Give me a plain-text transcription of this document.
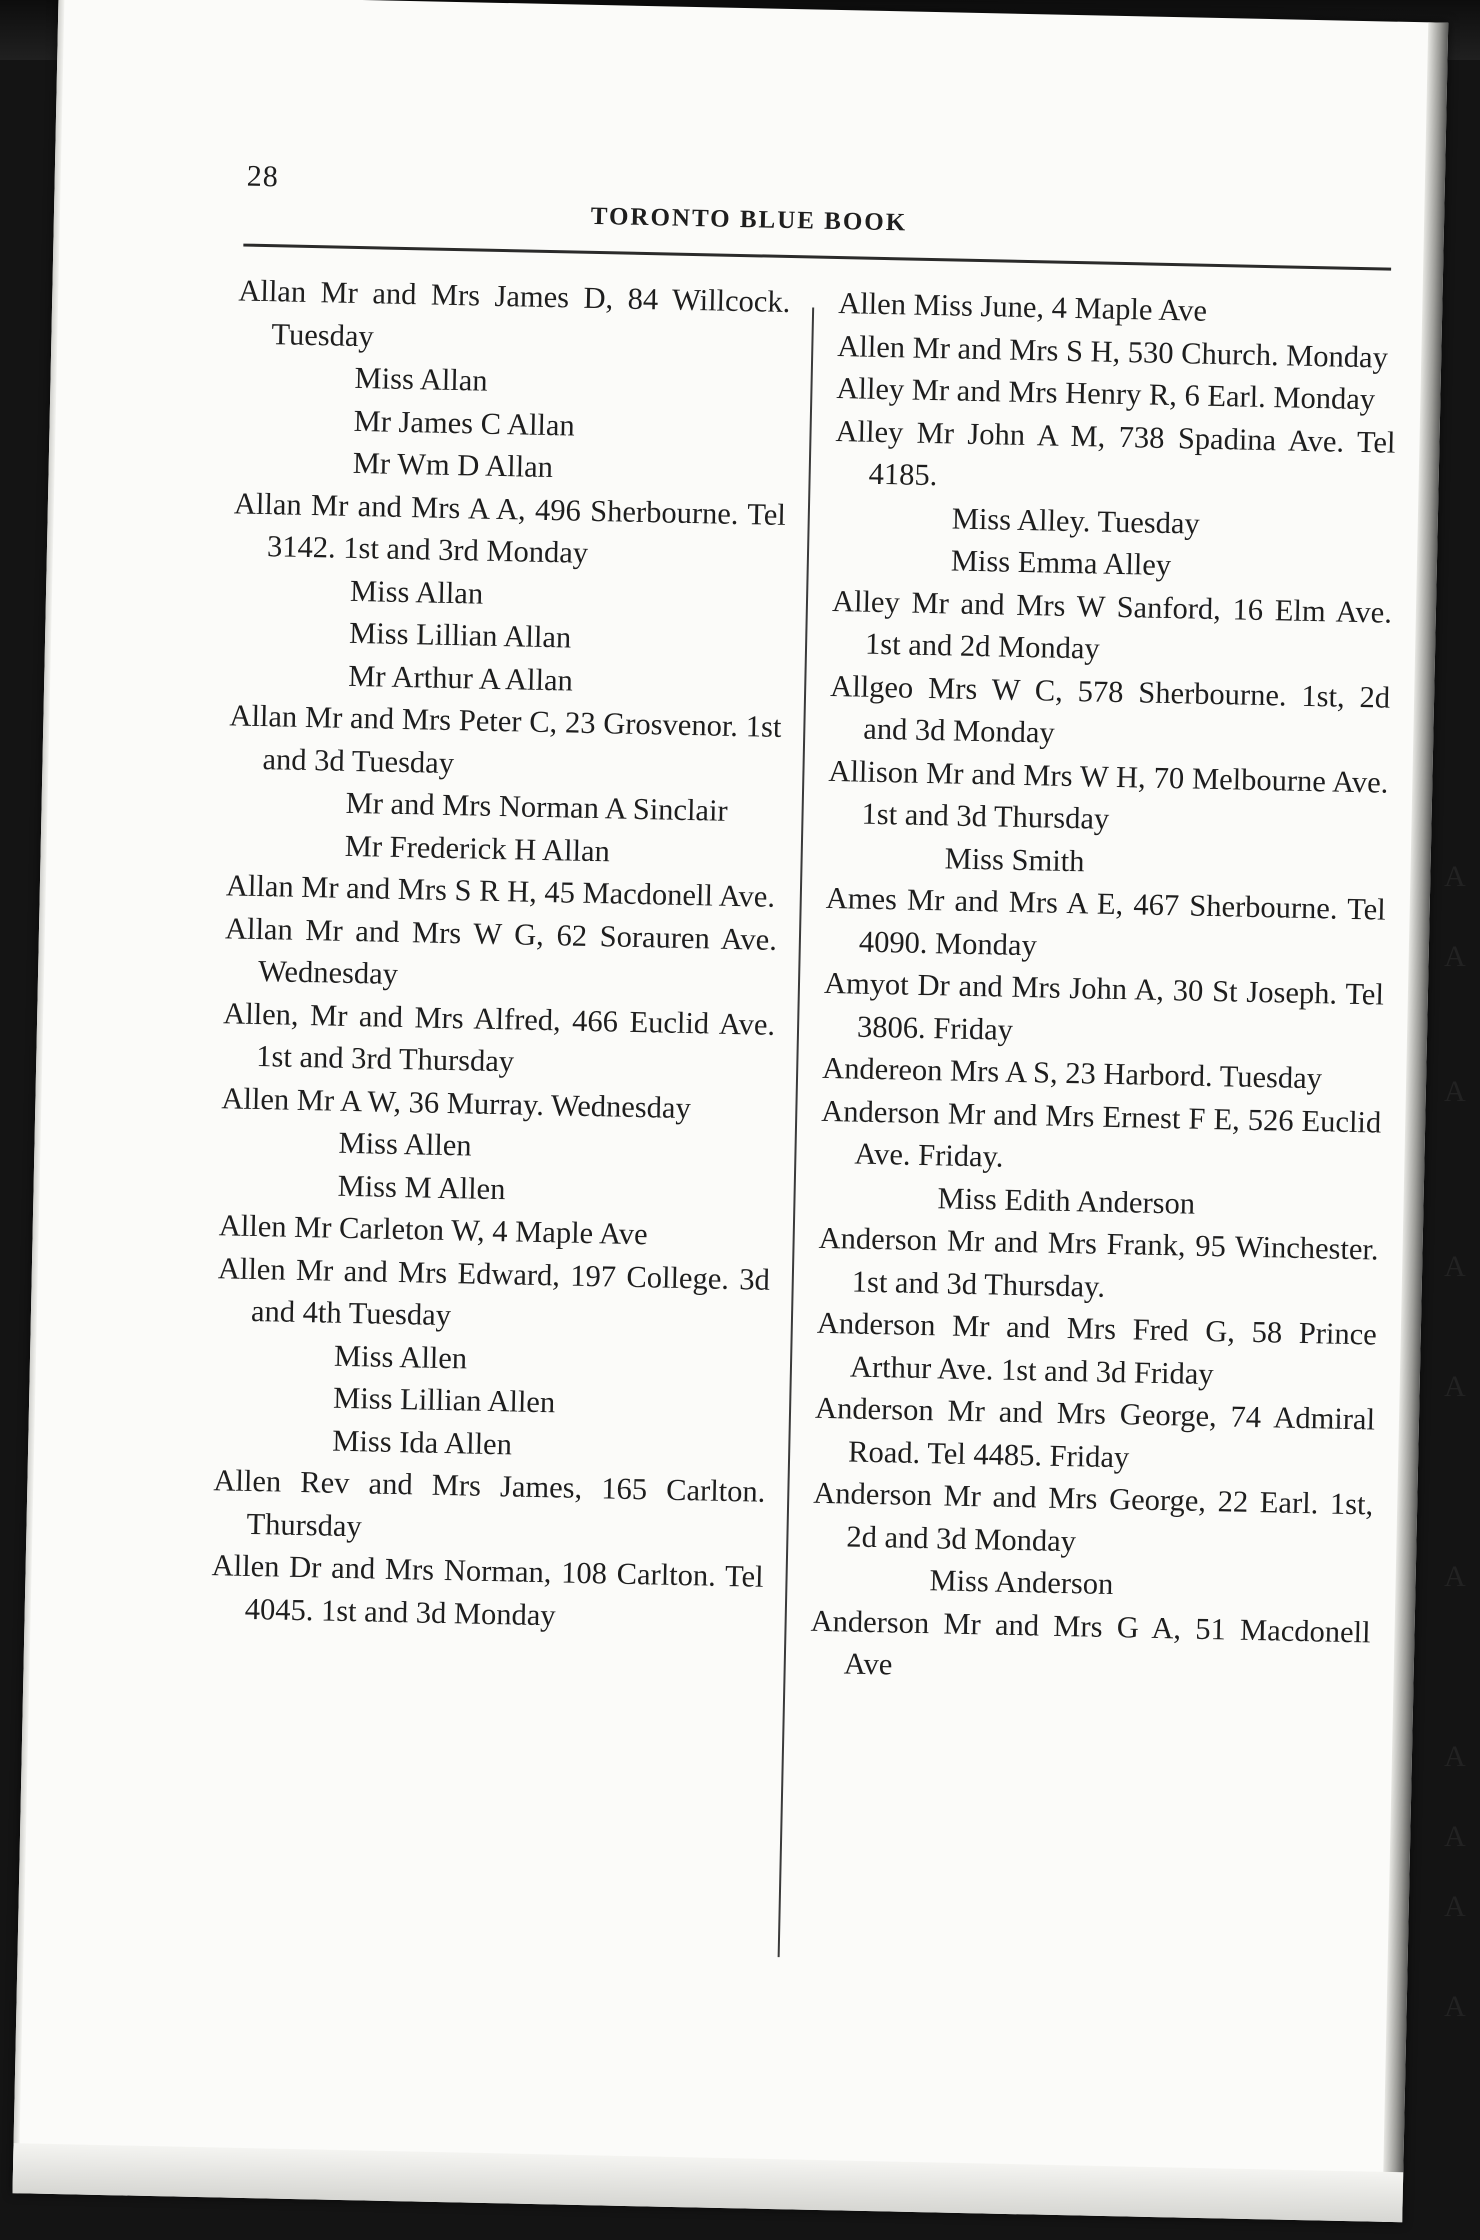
28
TORONTO BLUE BOOK
Allan Mr and Mrs James D, 84 Willcock. Tuesday
Miss Allan
Mr James C Allan
Mr Wm D Allan
Allan Mr and Mrs A A, 496 Sherbourne. Tel 3142. 1st and 3rd Monday
Miss Allan
Miss Lillian Allan
Mr Arthur A Allan
Allan Mr and Mrs Peter C, 23 Grosvenor. 1st and 3d Tuesday
Mr and Mrs Norman A Sinclair
Mr Frederick H Allan
Allan Mr and Mrs S R H, 45 Macdonell Ave.
Allan Mr and Mrs W G, 62 Sorauren Ave. Wednesday
Allen, Mr and Mrs Alfred, 466 Euclid Ave. 1st and 3rd Thursday
Allen Mr A W, 36 Murray. Wednesday
Miss Allen
Miss M Allen
Allen Mr Carleton W, 4 Maple Ave
Allen Mr and Mrs Edward, 197 College. 3d and 4th Tuesday
Miss Allen
Miss Lillian Allen
Miss Ida Allen
Allen Rev and Mrs James, 165 Carlton. Thursday
Allen Dr and Mrs Norman, 108 Carlton. Tel 4045. 1st and 3d Monday
Allen Miss June, 4 Maple Ave
Allen Mr and Mrs S H, 530 Church. Monday
Alley Mr and Mrs Henry R, 6 Earl. Monday
Alley Mr John A M, 738 Spadina Ave. Tel 4185.
Miss Alley. Tuesday
Miss Emma Alley
Alley Mr and Mrs W Sanford, 16 Elm Ave. 1st and 2d Monday
Allgeo Mrs W C, 578 Sherbourne. 1st, 2d and 3d Monday
Allison Mr and Mrs W H, 70 Melbourne Ave. 1st and 3d Thursday
Miss Smith
Ames Mr and Mrs A E, 467 Sherbourne. Tel 4090. Monday
Amyot Dr and Mrs John A, 30 St Joseph. Tel 3806. Friday
Andereon Mrs A S, 23 Harbord. Tuesday
Anderson Mr and Mrs Ernest F E, 526 Euclid Ave. Friday.
Miss Edith Anderson
Anderson Mr and Mrs Frank, 95 Winchester. 1st and 3d Thursday.
Anderson Mr and Mrs Fred G, 58 Prince Arthur Ave. 1st and 3d Friday
Anderson Mr and Mrs George, 74 Admiral Road. Tel 4485. Friday
Anderson Mr and Mrs George, 22 Earl. 1st, 2d and 3d Monday
Miss Anderson
Anderson Mr and Mrs G A, 51 Macdonell Ave
A
A
A
A
A
A
A
A
A
A
